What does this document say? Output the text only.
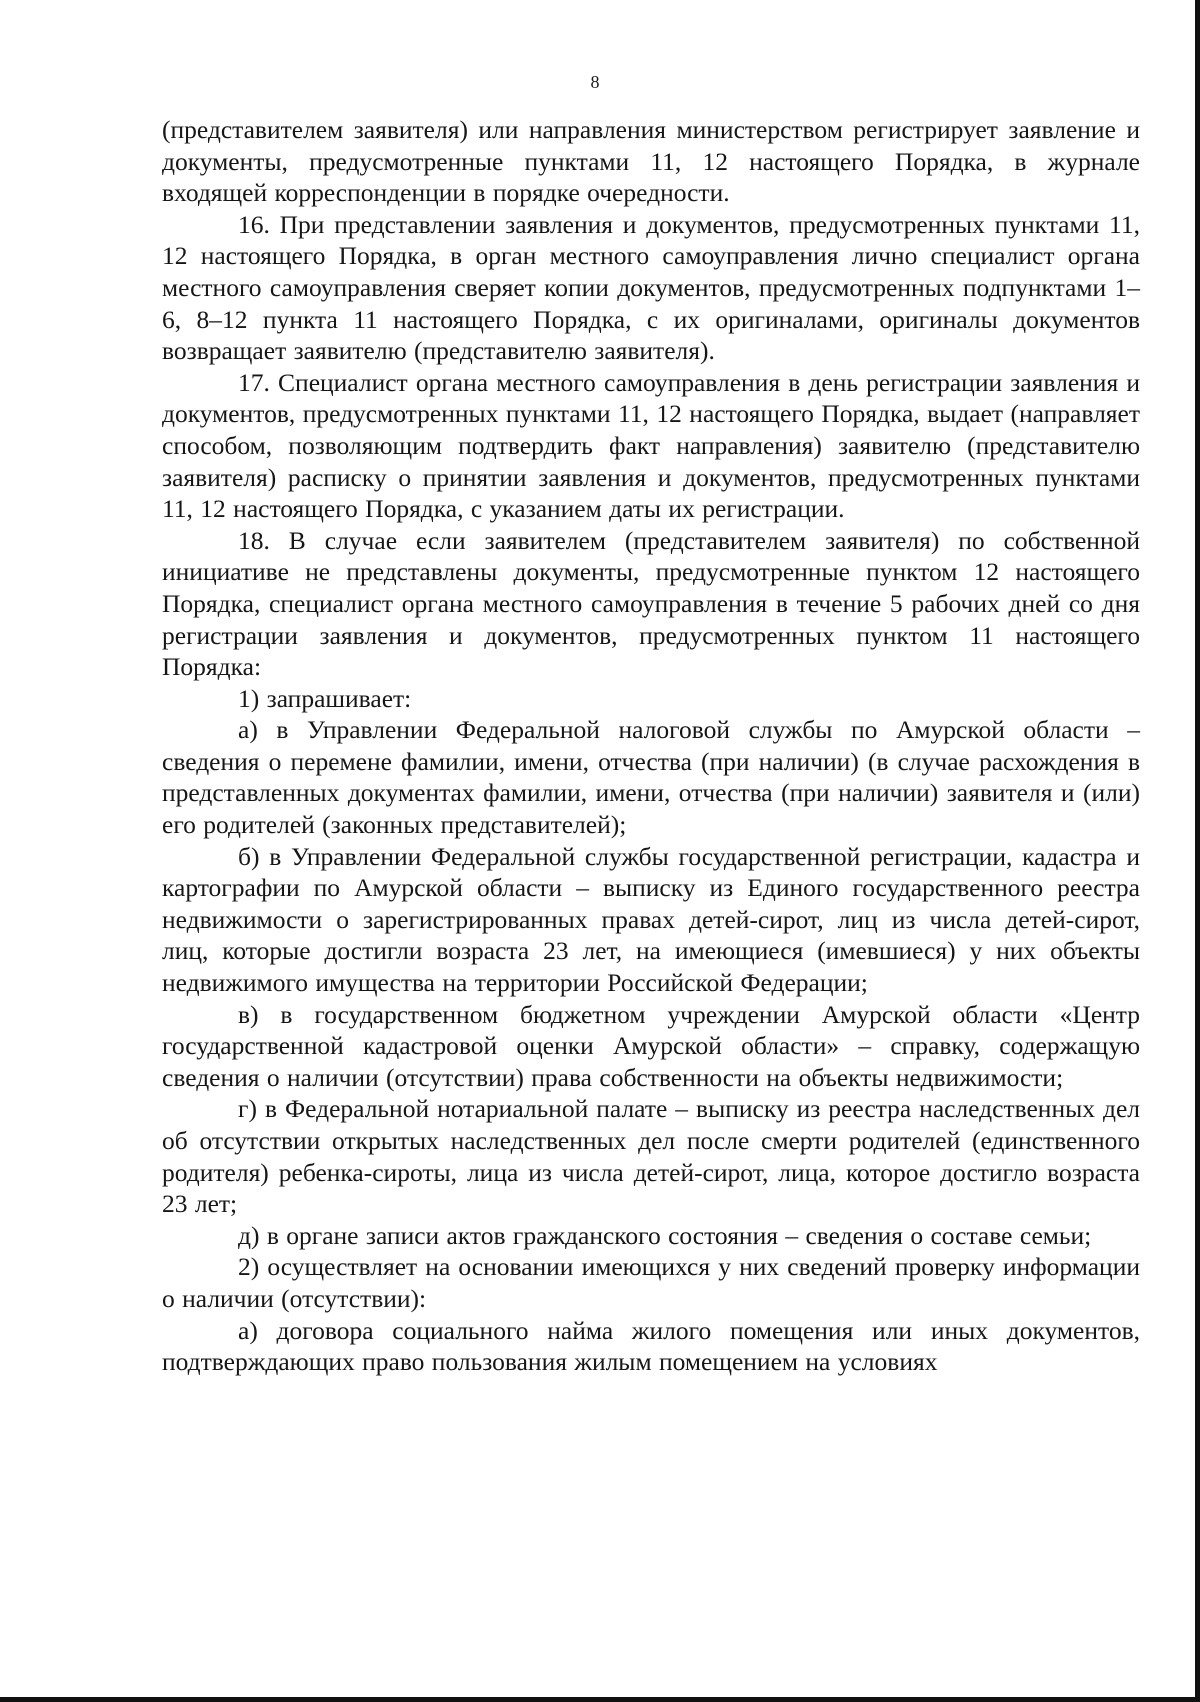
8

(представителем заявителя) или направления министерством регистрирует заявление и документы, предусмотренные пунктами 11, 12 настоящего Порядка, в журнале входящей корреспонденции в порядке очередности.

16. При представлении заявления и документов, предусмотренных пунктами 11, 12 настоящего Порядка, в орган местного самоуправления лично специалист органа местного самоуправления сверяет копии документов, предусмотренных подпунктами 1–6, 8–12 пункта 11 настоящего Порядка, с их оригиналами, оригиналы документов возвращает заявителю (представителю заявителя).

17. Специалист органа местного самоуправления в день регистрации заявления и документов, предусмотренных пунктами 11, 12 настоящего Порядка, выдает (направляет способом, позволяющим подтвердить факт направления) заявителю (представителю заявителя) расписку о принятии заявления и документов, предусмотренных пунктами 11, 12 настоящего Порядка, с указанием даты их регистрации.

18. В случае если заявителем (представителем заявителя) по собственной инициативе не представлены документы, предусмотренные пунктом 12 настоящего Порядка, специалист органа местного самоуправления в течение 5 рабочих дней со дня регистрации заявления и документов, предусмотренных пунктом 11 настоящего Порядка:

1) запрашивает:

а) в Управлении Федеральной налоговой службы по Амурской области – сведения о перемене фамилии, имени, отчества (при наличии) (в случае расхождения в представленных документах фамилии, имени, отчества (при наличии) заявителя и (или) его родителей (законных представителей);

б) в Управлении Федеральной службы государственной регистрации, кадастра и картографии по Амурской области – выписку из Единого государственного реестра недвижимости о зарегистрированных правах детей-сирот, лиц из числа детей-сирот, лиц, которые достигли возраста 23 лет, на имеющиеся (имевшиеся) у них объекты недвижимого имущества на территории Российской Федерации;

в) в государственном бюджетном учреждении Амурской области «Центр государственной кадастровой оценки Амурской области» – справку, содержащую сведения о наличии (отсутствии) права собственности на объекты недвижимости;

г) в Федеральной нотариальной палате – выписку из реестра наследственных дел об отсутствии открытых наследственных дел после смерти родителей (единственного родителя) ребенка-сироты, лица из числа детей-сирот, лица, которое достигло возраста 23 лет;

д) в органе записи актов гражданского состояния – сведения о составе семьи;

2) осуществляет на основании имеющихся у них сведений проверку информации о наличии (отсутствии):

а) договора социального найма жилого помещения или иных документов, подтверждающих право пользования жилым помещением на условиях
